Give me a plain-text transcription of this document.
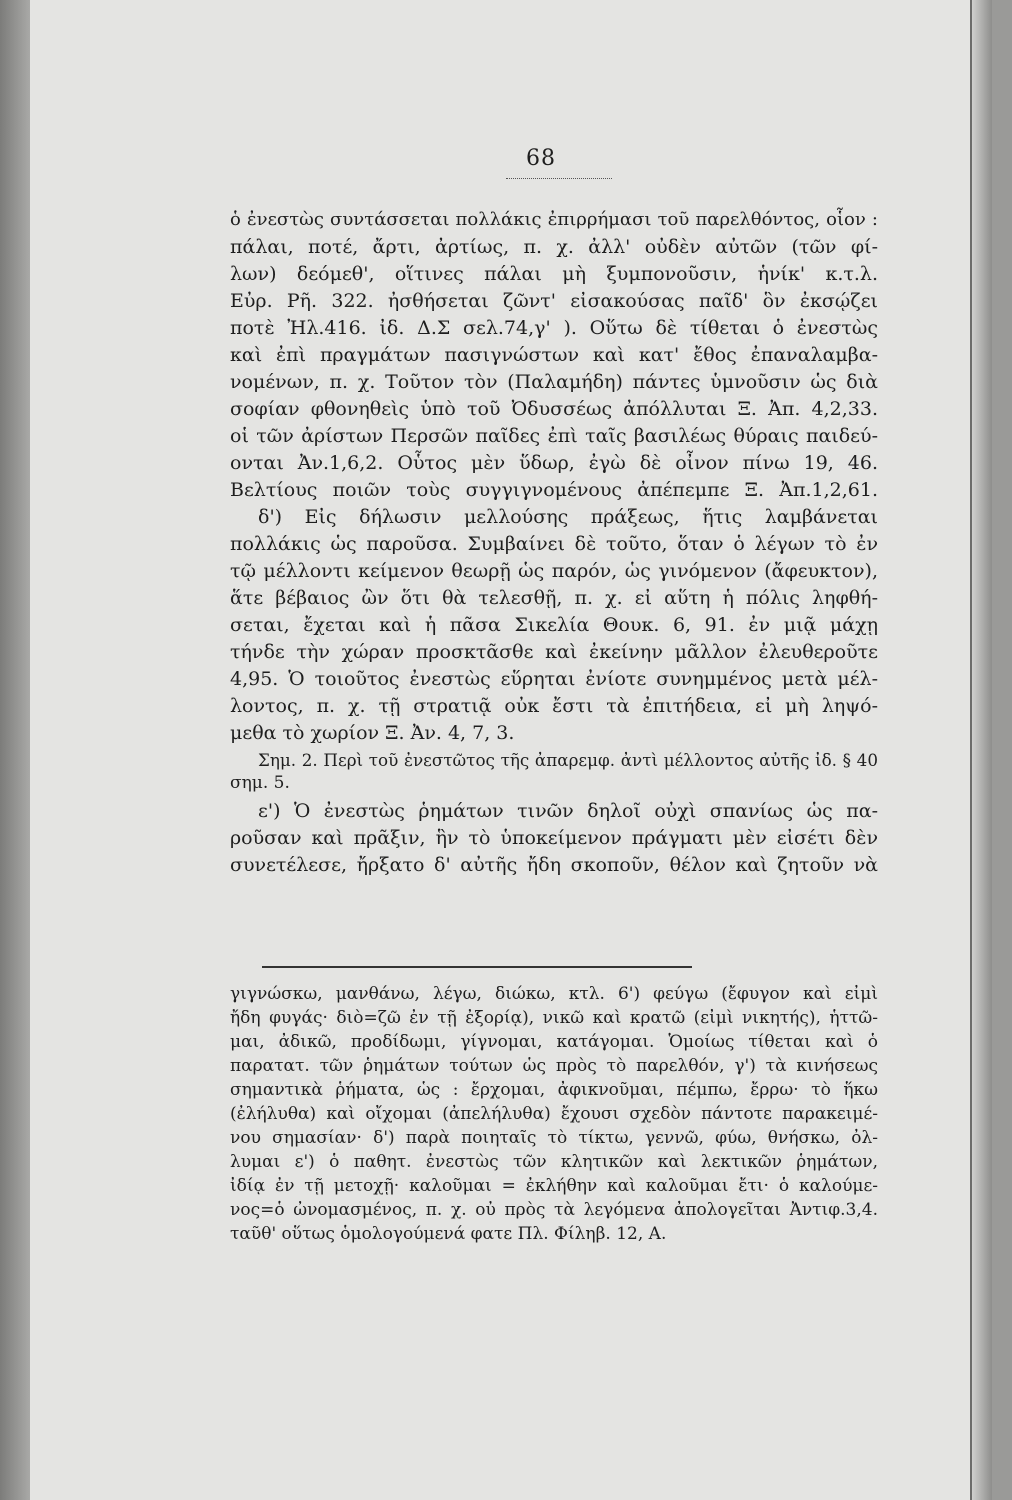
68
ὁ ἐνεστὼς συντάσσεται πολλάκις ἐπιρρήμασι τοῦ παρελθόντος, οἷον :
πάλαι, ποτέ, ἄρτι, ἀρτίως, π. χ. ἀλλ' οὐδὲν αὐτῶν (τῶν φί-
λων) δεόμεθ', οἵτινες πάλαι μὴ ξυμπονοῦσιν, ἡνίκ' κ.τ.λ.
Εὐρ. Ρῆ. 322. ἠσθήσεται ζῶντ' εἰσακούσας παῖδ' ὃν ἐκσῴζει
ποτὲ Ἠλ.416. ἰδ. Δ.Σ σελ.74,γ' ). Οὕτω δὲ τίθεται ὁ ἐνεστὼς
καὶ ἐπὶ πραγμάτων πασιγνώστων καὶ κατ' ἔθος ἐπαναλαμβα-
νομένων, π. χ. Τοῦτον τὸν (Παλαμήδη) πάντες ὑμνοῦσιν ὡς διὰ
σοφίαν φθονηθεὶς ὑπὸ τοῦ Ὀδυσσέως ἀπόλλυται Ξ. Ἀπ. 4,2,33.
οἱ τῶν ἀρίστων Περσῶν παῖδες ἐπὶ ταῖς βασιλέως θύραις παιδεύ-
ονται Ἀν.1,6,2. Οὗτος μὲν ὕδωρ, ἐγὼ δὲ οἶνον πίνω 19, 46.
Βελτίους ποιῶν τοὺς συγγιγνομένους ἀπέπεμπε Ξ. Ἀπ.1,2,61.
δ') Εἰς δήλωσιν μελλούσης πράξεως, ἥτις λαμβάνεται
πολλάκις ὡς παροῦσα. Συμβαίνει δὲ τοῦτο, ὅταν ὁ λέγων τὸ ἐν
τῷ μέλλοντι κείμενον θεωρῇ ὡς παρόν, ὡς γινόμενον (ἄφευκτον),
ἅτε βέβαιος ὢν ὅτι θὰ τελεσθῇ, π. χ. εἰ αὕτη ἡ πόλις ληφθή-
σεται, ἔχεται καὶ ἡ πᾶσα Σικελία Θουκ. 6, 91. ἐν μιᾷ μάχῃ
τήνδε τὴν χώραν προσκτᾶσθε καὶ ἐκείνην μᾶλλον ἐλευθεροῦτε
4,95. Ὁ τοιοῦτος ἐνεστὼς εὕρηται ἐνίοτε συνημμένος μετὰ μέλ-
λοντος, π. χ. τῇ στρατιᾷ οὐκ ἔστι τὰ ἐπιτήδεια, εἰ μὴ ληψό-
μεθα τὸ χωρίον Ξ. Ἀν. 4, 7, 3.
Σημ. 2. Περὶ τοῦ ἐνεστῶτος τῆς ἀπαρεμφ. ἀντὶ μέλλοντος αὐτῆς ἰδ. § 40
σημ. 5.
ε') Ὁ ἐνεστὼς ῥημάτων τινῶν δηλοῖ οὐχὶ σπανίως ὡς πα-
ροῦσαν καὶ πρᾶξιν, ἣν τὸ ὑποκείμενον πράγματι μὲν εἰσέτι δὲν
συνετέλεσε, ἤρξατο δ' αὐτῆς ἤδη σκοποῦν, θέλον καὶ ζητοῦν νὰ
γιγνώσκω, μανθάνω, λέγω, διώκω, κτλ. 6') φεύγω (ἔφυγον καὶ εἰμὶ
ἤδη φυγάς· διὸ=ζῶ ἐν τῇ ἐξορίᾳ), νικῶ καὶ κρατῶ (εἰμὶ νικητής), ἡττῶ-
μαι, ἀδικῶ, προδίδωμι, γίγνομαι, κατάγομαι. Ὁμοίως τίθεται καὶ ὁ
παρατατ. τῶν ῥημάτων τούτων ὡς πρὸς τὸ παρελθόν, γ') τὰ κινήσεως
σημαντικὰ ῥήματα, ὡς : ἔρχομαι, ἀφικνοῦμαι, πέμπω, ἔρρω· τὸ ἥκω
(ἐλήλυθα) καὶ οἴχομαι (ἀπελήλυθα) ἔχουσι σχεδὸν πάντοτε παρακειμέ-
νου σημασίαν· δ') παρὰ ποιηταῖς τὸ τίκτω, γεννῶ, φύω, θνήσκω, ὀλ-
λυμαι ε') ὁ παθητ. ἐνεστὼς τῶν κλητικῶν καὶ λεκτικῶν ῥημάτων,
ἰδίᾳ ἐν τῇ μετοχῇ· καλοῦμαι = ἐκλήθην καὶ καλοῦμαι ἔτι· ὁ καλούμε-
νος=ὁ ὠνομασμένος, π. χ. οὐ πρὸς τὰ λεγόμενα ἀπολογεῖται Ἀντιφ.3,4.
ταῦθ' οὕτως ὁμολογούμενά φατε Πλ. Φίληβ. 12, A.
